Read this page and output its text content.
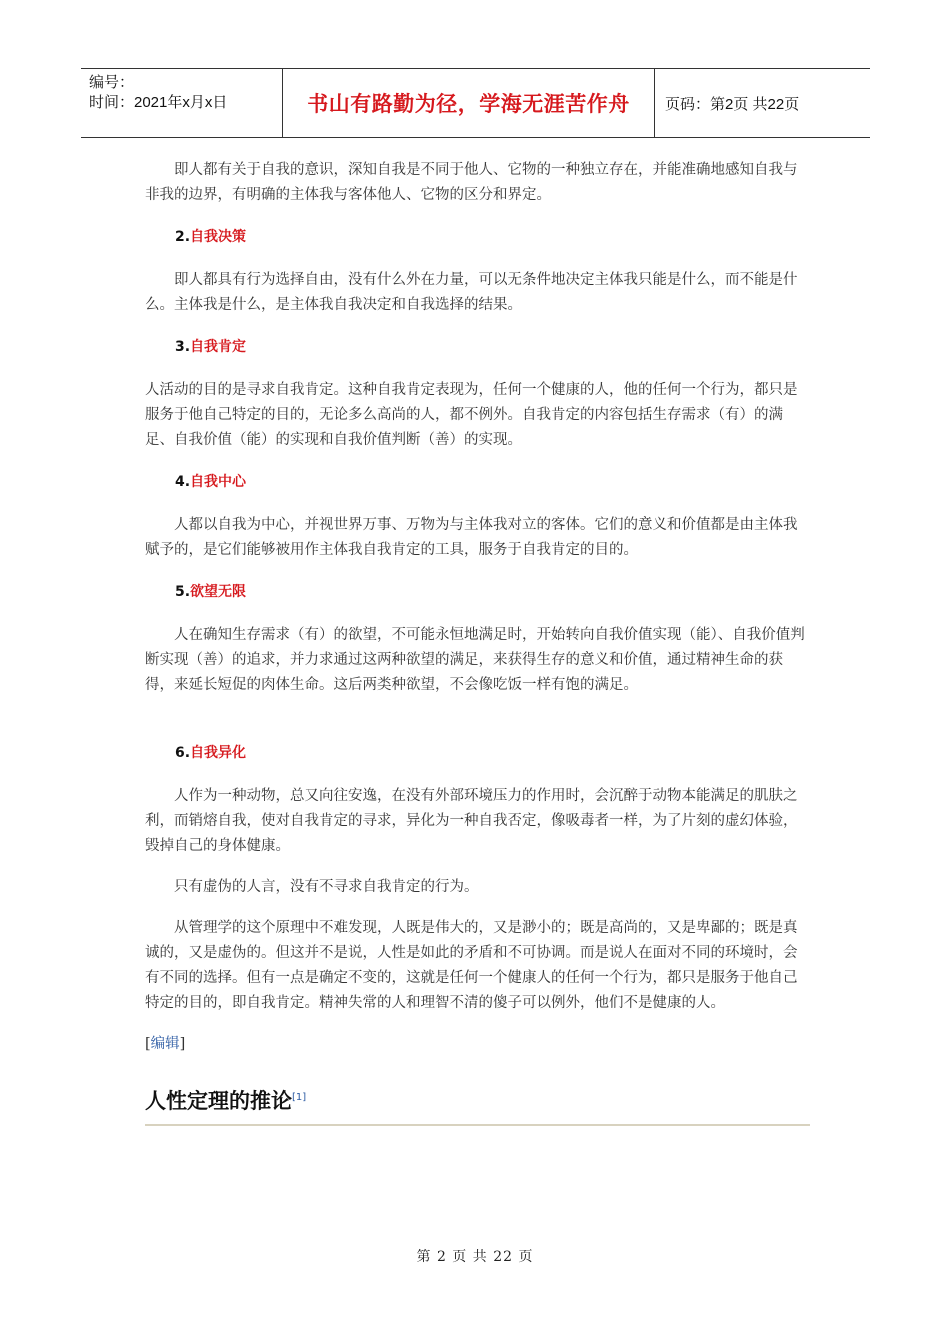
编号：
时间：2021年x月x日	书山有路勤为径，学海无涯苦作舟	页码：第2页 共22页

即人都有关于自我的意识，深知自我是不同于他人、它物的一种独立存在，并能准确地感知自我与非我的边界，有明确的主体我与客体他人、它物的区分和界定。

2.自我决策

即人都具有行为选择自由，没有什么外在力量，可以无条件地决定主体我只能是什么，而不能是什么。主体我是什么，是主体我自我决定和自我选择的结果。

3.自我肯定

人活动的目的是寻求自我肯定。这种自我肯定表现为，任何一个健康的人，他的任何一个行为，都只是服务于他自己特定的目的，无论多么高尚的人，都不例外。自我肯定的内容包括生存需求（有）的满足、自我价值（能）的实现和自我价值判断（善）的实现。

4.自我中心

人都以自我为中心，并视世界万事、万物为与主体我对立的客体。它们的意义和价值都是由主体我赋予的，是它们能够被用作主体我自我肯定的工具，服务于自我肯定的目的。

5.欲望无限

人在确知生存需求（有）的欲望，不可能永恒地满足时，开始转向自我价值实现（能）、自我价值判断实现（善）的追求，并力求通过这两种欲望的满足，来获得生存的意义和价值，通过精神生命的获得，来延长短促的肉体生命。这后两类种欲望，不会像吃饭一样有饱的满足。

6.自我异化

人作为一种动物，总又向往安逸，在没有外部环境压力的作用时，会沉醉于动物本能满足的肌肤之利，而销熔自我，使对自我肯定的寻求，异化为一种自我否定，像吸毒者一样，为了片刻的虚幻体验，毁掉自己的身体健康。

只有虚伪的人言，没有不寻求自我肯定的行为。

从管理学的这个原理中不难发现，人既是伟大的，又是渺小的；既是高尚的，又是卑鄙的；既是真诚的，又是虚伪的。但这并不是说，人性是如此的矛盾和不可协调。而是说人在面对不同的环境时，会有不同的选择。但有一点是确定不变的，这就是任何一个健康人的任何一个行为，都只是服务于他自己特定的目的，即自我肯定。精神失常的人和理智不清的傻子可以例外，他们不是健康的人。

[编辑]

人性定理的推论[1]
第 2 页 共 22 页
